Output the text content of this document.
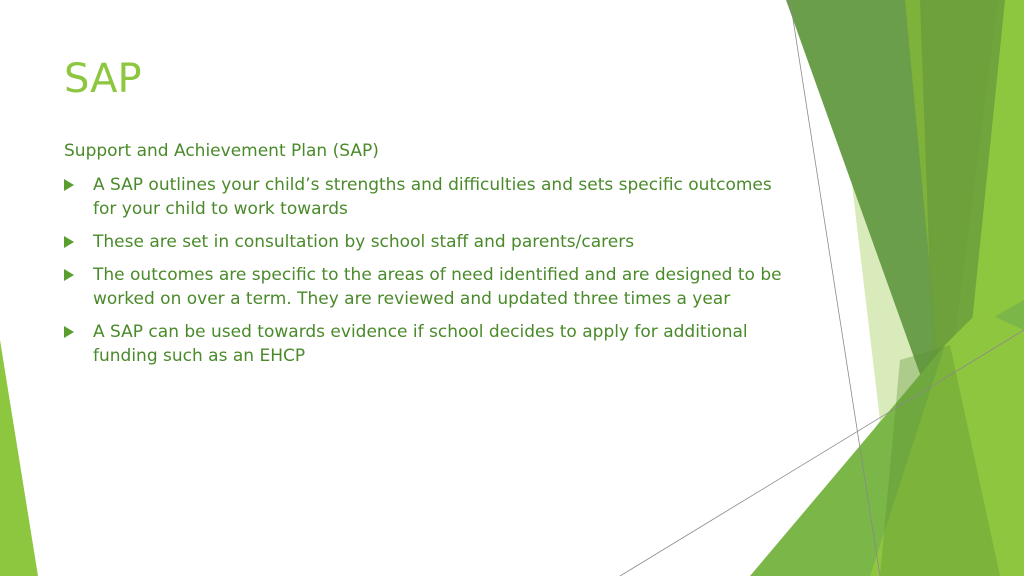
SAP
Support and Achievement Plan (SAP)
A SAP outlines your child’s strengths and difficulties and sets specific outcomes for your child to work towards
These are set in consultation by school staff and parents/carers
The outcomes are specific to the areas of need identified and are designed to be worked on over a term. They are reviewed and updated three times a year
A SAP can be used towards evidence if school decides to apply for additional funding such as an EHCP
